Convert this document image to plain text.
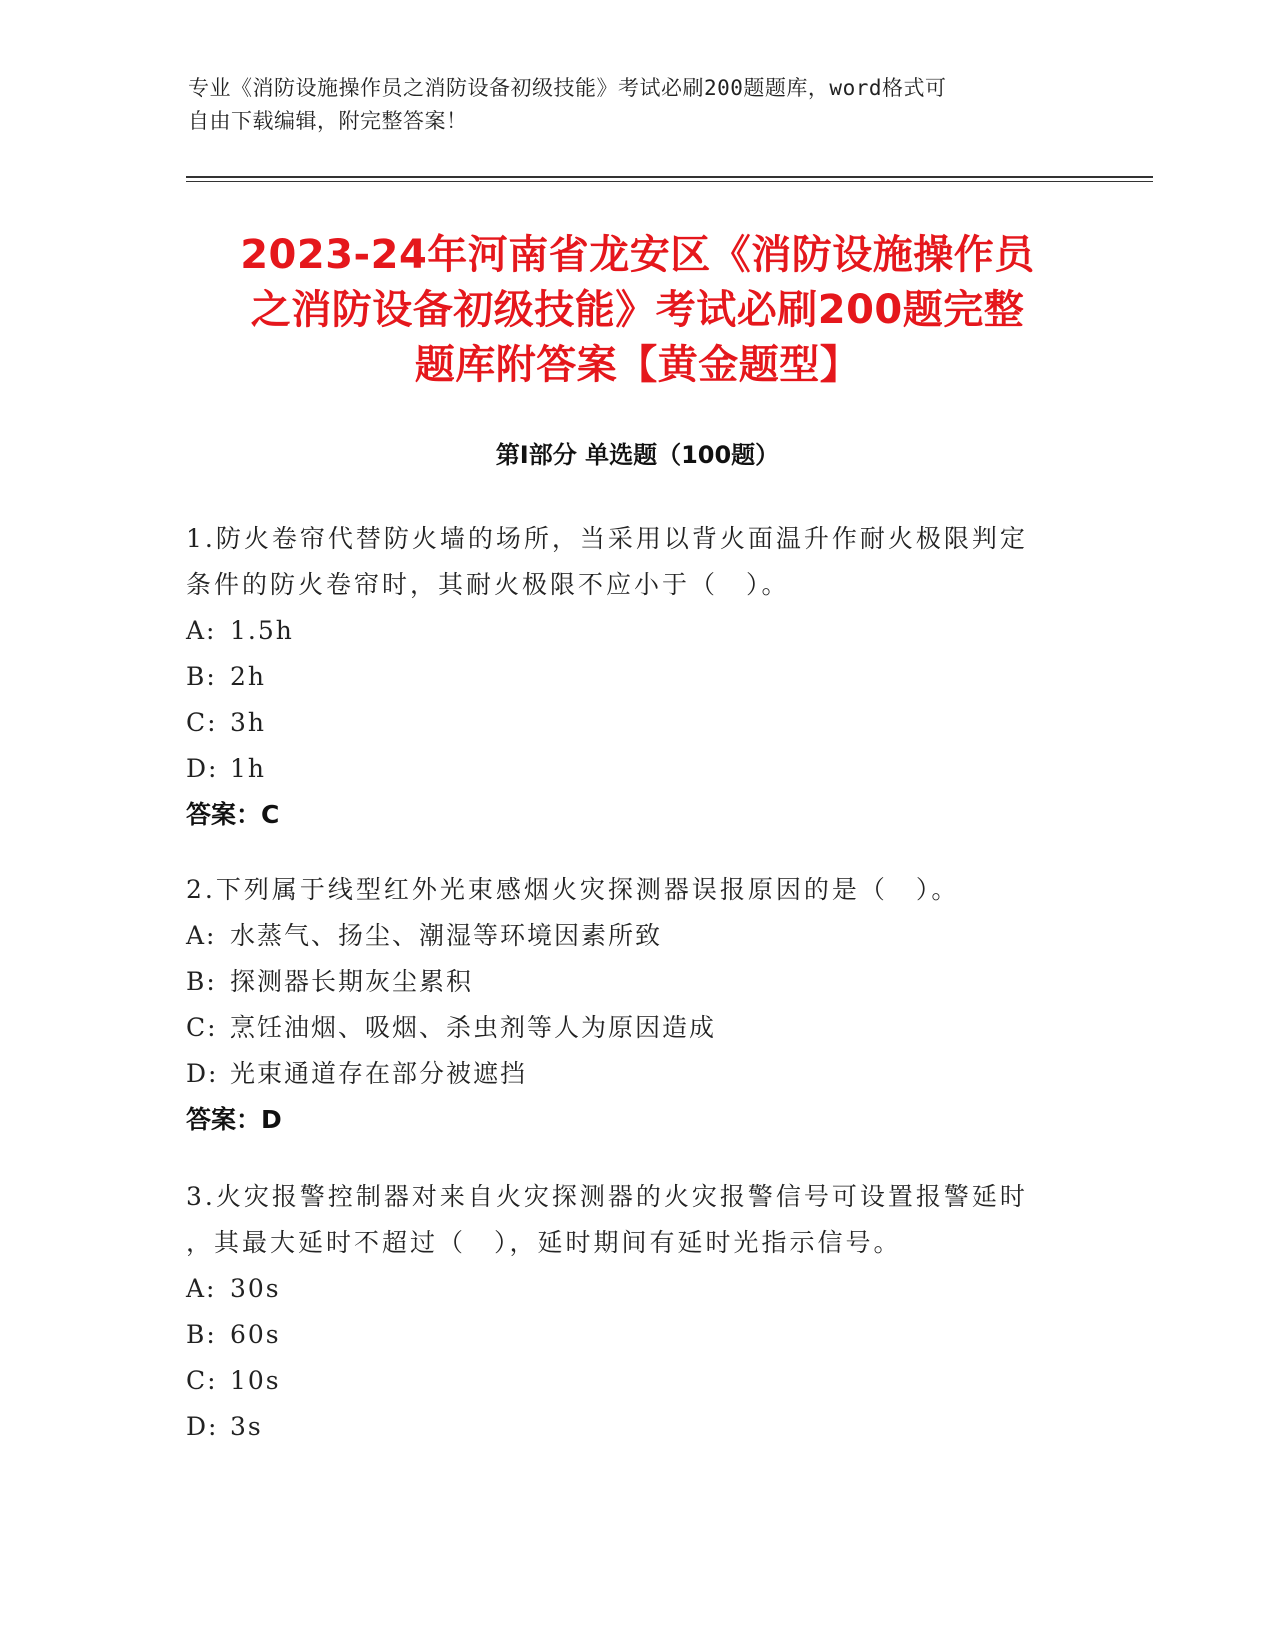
专业《消防设施操作员之消防设备初级技能》考试必刷200题题库，word格式可
自由下载编辑，附完整答案！
2023-24年河南省龙安区《消防设施操作员
之消防设备初级技能》考试必刷200题完整
题库附答案【黄金题型】
第I部分 单选题（100题）
1.防火卷帘代替防火墙的场所，当采用以背火面温升作耐火极限判定
条件的防火卷帘时，其耐火极限不应小于（　）。
A: 1.5h
B: 2h
C: 3h
D: 1h
答案：C
2.下列属于线型红外光束感烟火灾探测器误报原因的是（　）。
A: 水蒸气、扬尘、潮湿等环境因素所致
B: 探测器长期灰尘累积
C: 烹饪油烟、吸烟、杀虫剂等人为原因造成
D: 光束通道存在部分被遮挡
答案：D
3.火灾报警控制器对来自火灾探测器的火灾报警信号可设置报警延时
，其最大延时不超过（　），延时期间有延时光指示信号。
A: 30s
B: 60s
C: 10s
D: 3s
